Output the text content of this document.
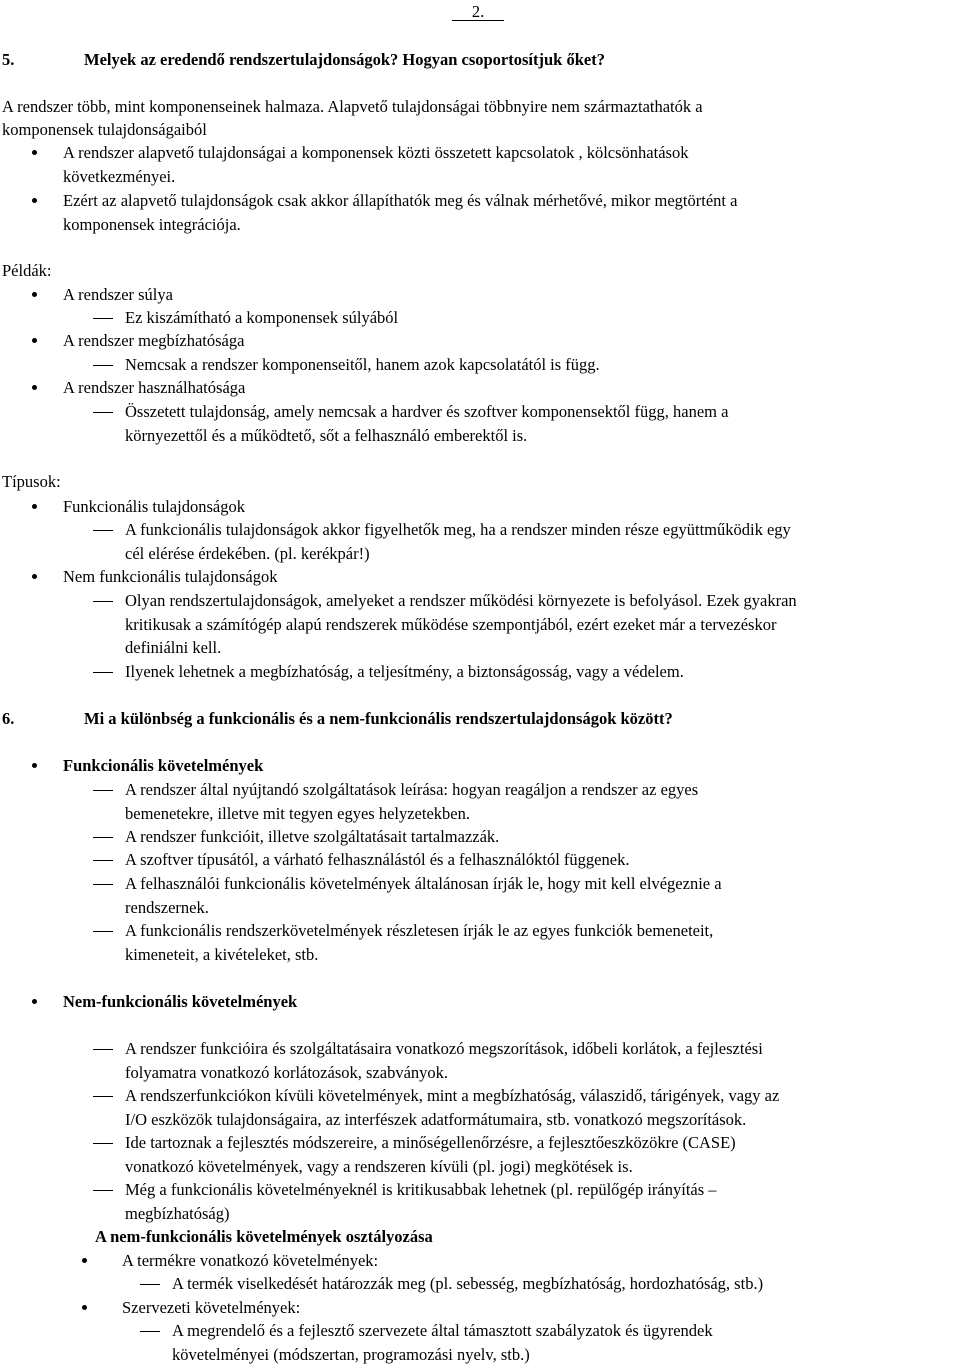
2.
5.	Melyek az eredendő rendszertulajdonságok? Hogyan csoportosítjuk őket?
A rendszer több, mint komponenseinek halmaza. Alapvető tulajdonságai többnyire nem származtathatók a
komponensek tulajdonságaiból
A rendszer alapvető tulajdonságai a komponensek közti összetett kapcsolatok , kölcsönhatások
következményei.
Ezért az alapvető tulajdonságok csak akkor állapíthatók meg és válnak mérhetővé, mikor megtörtént a
komponensek integrációja.
Példák:
A rendszer súlya
Ez kiszámítható a komponensek súlyából
A rendszer megbízhatósága
Nemcsak a rendszer komponenseitől, hanem azok kapcsolatától is függ.
A rendszer használhatósága
Összetett tulajdonság, amely nemcsak a hardver és szoftver komponensektől függ, hanem a
környezettől és a működtető, sőt a felhasználó emberektől is.
Típusok:
Funkcionális tulajdonságok
A funkcionális tulajdonságok akkor figyelhetők meg, ha a rendszer minden része együttműködik egy
cél elérése érdekében. (pl. kerékpár!)
Nem funkcionális tulajdonságok
Olyan rendszertulajdonságok, amelyeket a rendszer működési környezete is befolyásol. Ezek gyakran
kritikusak a számítógép alapú rendszerek működése szempontjából, ezért ezeket már a tervezéskor
definiálni kell.
Ilyenek lehetnek a megbízhatóság, a teljesítmény, a biztonságosság, vagy a védelem.
6.	Mi a különbség a funkcionális és a nem-funkcionális rendszertulajdonságok között?
Funkcionális követelmények
A rendszer által nyújtandó szolgáltatások leírása: hogyan reagáljon a rendszer az egyes
bemenetekre, illetve mit tegyen egyes helyzetekben.
A rendszer funkcióit, illetve szolgáltatásait tartalmazzák.
A szoftver típusától, a várható felhasználástól és a felhasználóktól függenek.
A felhasználói funkcionális követelmények általánosan írják le, hogy mit kell elvégeznie a
rendszernek.
A funkcionális rendszerkövetelmények részletesen írják le az egyes funkciók bemeneteit,
kimeneteit, a kivételeket, stb.
Nem-funkcionális követelmények
A rendszer funkcióira és szolgáltatásaira vonatkozó megszorítások, időbeli korlátok, a fejlesztési
folyamatra vonatkozó korlátozások, szabványok.
A rendszerfunkciókon kívüli követelmények, mint a megbízhatóság, válaszidő, tárigények, vagy az
I/O eszközök tulajdonságaira, az interfészek adatformátumaira, stb. vonatkozó megszorítások.
Ide tartoznak a fejlesztés módszereire, a minőségellenőrzésre, a fejlesztőeszközökre (CASE)
vonatkozó követelmények, vagy a rendszeren kívüli (pl. jogi) megkötések is.
Még a funkcionális követelményeknél is kritikusabbak lehetnek (pl. repülőgép irányítás –
megbízhatóság)
A nem-funkcionális követelmények osztályozása
A termékre vonatkozó követelmények:
A termék viselkedését határozzák meg (pl. sebesség, megbízhatóság, hordozhatóság, stb.)
Szervezeti követelmények:
A megrendelő és a fejlesztő szervezete által támasztott szabályzatok és ügyrendek
követelményei (módszertan, programozási nyelv, stb.)
